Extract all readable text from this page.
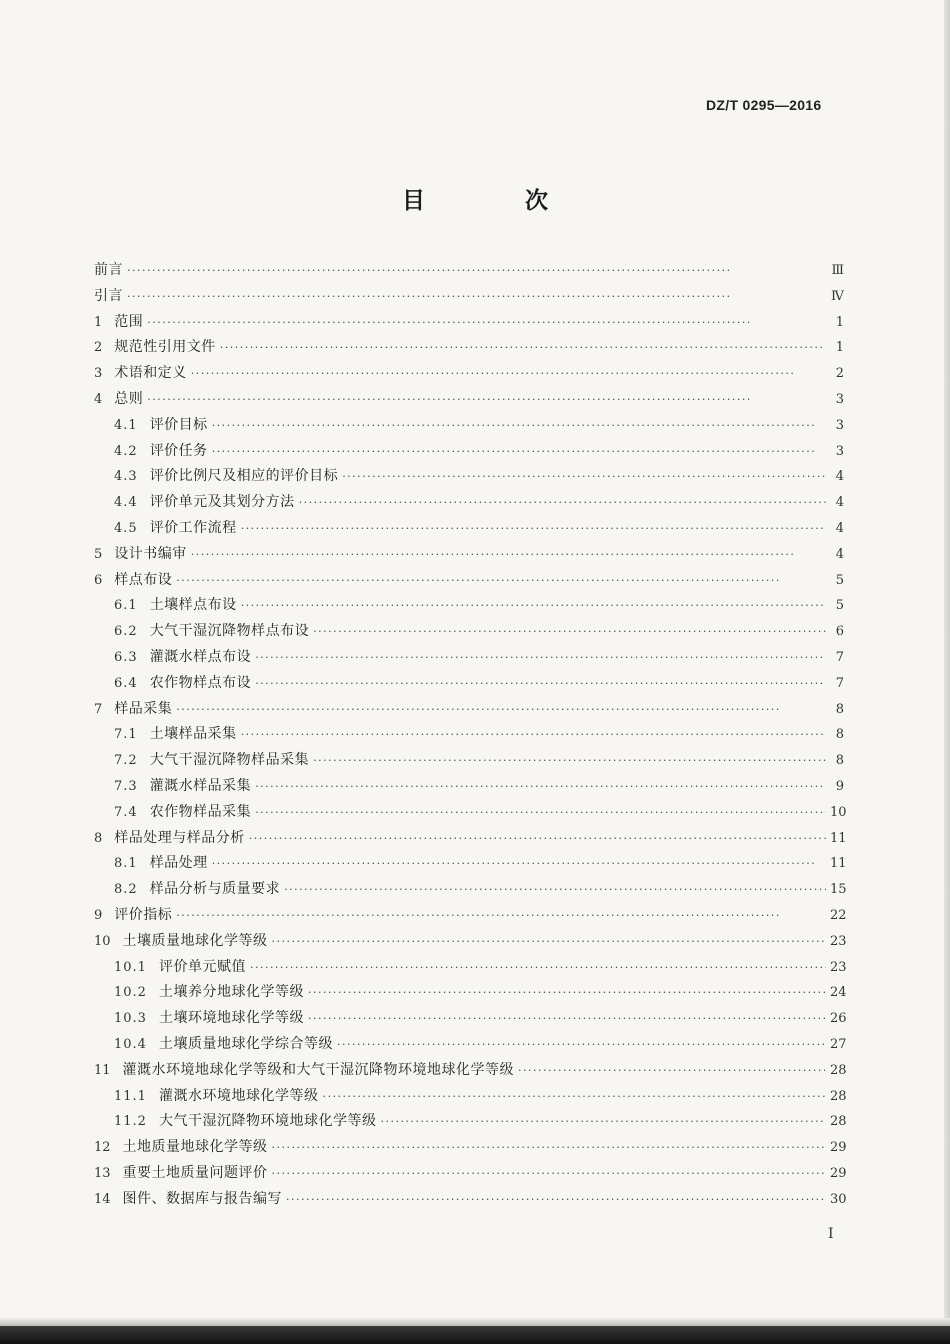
DZ/T 0295—2016
目 次
前言 ·····	Ⅲ
引言 ·····	Ⅳ
1 范围 ·····	1
2 规范性引用文件 ·····	1
3 术语和定义 ·····	2
4 总则 ·····	3
4.1 评价目标 ·····	3
4.2 评价任务 ·····	3
4.3 评价比例尺及相应的评价目标 ·····	4
4.4 评价单元及其划分方法 ·····	4
4.5 评价工作流程 ·····	4
5 设计书编审 ·····	4
6 样点布设 ·····	5
6.1 土壤样点布设 ·····	5
6.2 大气干湿沉降物样点布设 ·····	6
6.3 灌溉水样点布设 ·····	7
6.4 农作物样点布设 ·····	7
7 样品采集 ·····	8
7.1 土壤样品采集 ·····	8
7.2 大气干湿沉降物样品采集 ·····	8
7.3 灌溉水样品采集 ·····	9
7.4 农作物样品采集 ·····	10
8 样品处理与样品分析 ·····	11
8.1 样品处理 ·····	11
8.2 样品分析与质量要求 ·····	15
9 评价指标 ·····	22
10 土壤质量地球化学等级 ·····	23
10.1 评价单元赋值 ·····	23
10.2 土壤养分地球化学等级 ·····	24
10.3 土壤环境地球化学等级 ·····	26
10.4 土壤质量地球化学综合等级 ·····	27
11 灌溉水环境地球化学等级和大气干湿沉降物环境地球化学等级 ·····	28
11.1 灌溉水环境地球化学等级 ·····	28
11.2 大气干湿沉降物环境地球化学等级 ·····	28
12 土地质量地球化学等级 ·····	29
13 重要土地质量问题评价 ·····	29
14 图件、数据库与报告编写 ·····	30
Ⅰ
